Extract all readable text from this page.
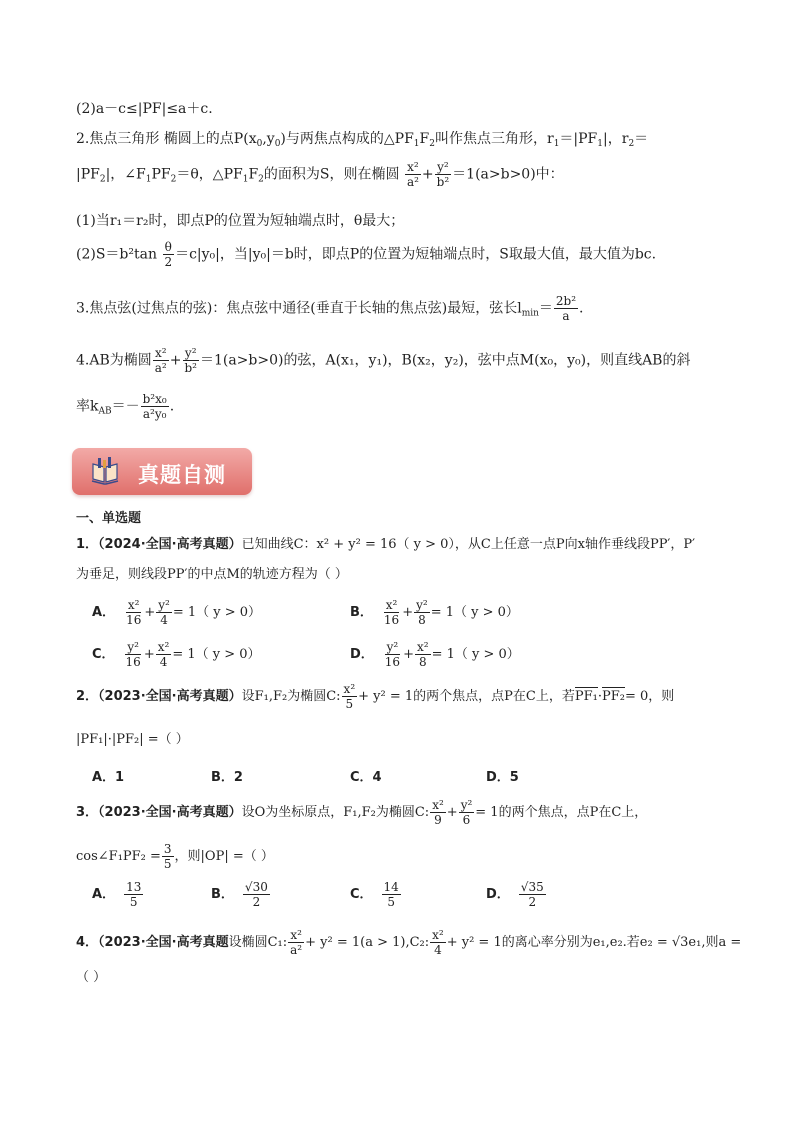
(2)a－c≤|PF|≤a＋c.
2.焦点三角形 椭圆上的点$P(x_0,y_0)$与两焦点构成的$\triangle PF_1F_2$叫作焦点三角形，$r_1=|PF_1|$，$r_2=$
$|PF_2|$，$\angle F_1PF_2=\theta$，$\triangle PF_1F_2$的面积为S，则在椭圆 $\frac{\text{x²}}{\text{a²}} + \frac{\text{y²}}{\text{b²}} =1(a>b>0)$中：
(1)当r₁＝r₂时，即点P的位置为短轴端点时，θ最大；
$(2)S=b^2\tan \frac{\theta}{2} =c|y_0|$，当|y₀|＝b时，即点P的位置为短轴端点时，S取最大值，最大值为bc.
3.焦点弦(过焦点的弦)：焦点弦中通径(垂直于长轴的焦点弦)最短，弦长$l_{min}= \frac{\text{2b²}}{a}$ .
4.AB为椭圆 $\frac{\text{x²}}{\text{a²}} + \frac{\text{y²}}{\text{b²}} =1(a>b>0)$的弦，A(x₁，y₁)，B(x₂，y₂)，弦中点M(x₀，y₀)，则直线AB的斜
率$k_{AB}=- \frac{\text{b²x₀}}{\text{a²y₀}}$ .
真题自测
一、单选题
1．（2024·全国·高考真题）已知曲线C：x² + y² = 16（ y > 0），从C上任意一点P向x轴作垂线段PP′，P′
为垂足，则线段PP′的中点M的轨迹方程为（ ）
A． $\frac{\text{x²}}{16} + \frac{\text{y²}}{4} = 1$（ y > 0）	B． $\frac{\text{x²}}{16} + \frac{\text{y²}}{8} = 1$（ y > 0）
C． $\frac{\text{y²}}{16} + \frac{\text{x²}}{4} = 1$（ y > 0）	D． $\frac{\text{y²}}{16} + \frac{\text{x²}}{8} = 1$（ y > 0）
2．（2023·全国·高考真题）设F₁,F₂为椭圆C: $\frac{\text{x²}}{5} + y^2 = 1$的两个焦点，点P在C上，若PF₁·PF₂= 0，则
|PF₁|·|PF₂| =（ ）
A．1	B．2	C．4	D．5
3．（2023·全国·高考真题）设O为坐标原点，F₁,F₂为椭圆C: $\frac{\text{x²}}{9} + \frac{\text{y²}}{6} = 1$的两个焦点，点P在C上，
cos∠F₁PF₂ = $\frac{3}{5}$ ，则|OP| =（ ）
A． $\frac{13}{5}$	B． $\frac{√30}{2}$	C． $\frac{14}{5}$	D． $\frac{√35}{2}$
4．（2023·全国·高考真题设椭圆C₁: $\frac{\text{x²}}{\text{a²}} + y^2 = 1(a > 1),C_2$: $\frac{\text{x²}}{4} + y^2 = 1$的离心率分别为e₁,e₂.若e₂ = √3e₁,则a =
（ ）
